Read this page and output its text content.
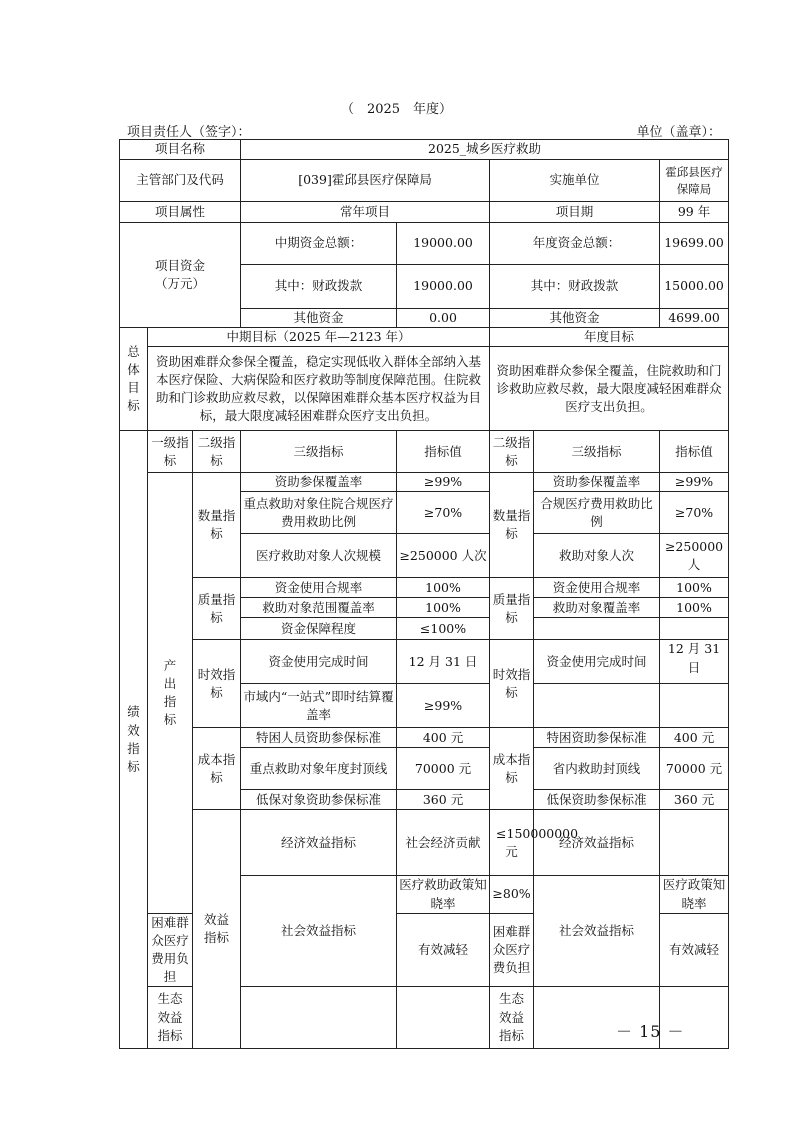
（　2025　年度）
项目责任人（签字）：	单位（盖章）：
项目名称			2025_城乡医疗救助					
主管部门及代码			[039]霍邱县医疗保障局		实施单位		霍邱县医疗保障局	
项目属性			常年项目		项目期		99 年	
项目资金（万元）			中期资金总额：	19000.00	年度资金总额：		19699.00	
			其中：财政拨款	19000.00	其中：财政拨款		15000.00	
			其他资金	0.00	其他资金		4699.00	
总体目标	中期目标（2025 年—2123 年）				年度目标			
	资助困难群众参保全覆盖，稳定实现低收入群体全部纳入基本医疗保险、大病保险和医疗救助等制度保障范围。住院救助和门诊救助应救尽救，以保障困难群众基本医疗权益为目标，最大限度减轻困难群众医疗支出负担。				资助困难群众参保全覆盖，住院救助和门诊救助应救尽救，最大限度减轻困难群众医疗支出负担。			
绩效指标	一级指标	二级指标	三级指标	指标值	二级指标	三级指标	指标值	
	产出指标	数量指标	资助参保覆盖率	≥99%	数量指标	资助参保覆盖率	≥99%	
			重点救助对象住院合规医疗费用救助比例	≥70%		合规医疗费用救助比例	≥70%	
			医疗救助对象人次规模	≥250000 人次		救助对象人次	≥250000 人	
		质量指标	资金使用合规率	100%	质量指标	资金使用合规率	100%	
			救助对象范围覆盖率	100%		救助对象覆盖率	100%	
			资金保障程度	≤100%				
		时效指标	资金使用完成时间	12 月 31 日	时效指标	资金使用完成时间	12 月 31 日	
			市域内“一站式”即时结算覆盖率	≥99%				
		成本指标	特困人员资助参保标准	400 元	成本指标	特困资助参保标准	400 元	
			重点救助对象年度封顶线	70000 元		省内救助封顶线	70000 元	
			低保对象资助参保标准	360 元		低保资助参保标准	360 元	
		效益指标	经济效益指标	社会经济贡献	≤150000000 元	经济效益指标		
			社会效益指标	医疗救助政策知晓率	≥80%	社会效益指标	医疗政策知晓率	
	困难群众医疗费用负担			有效减轻	困难群众医疗费负担		有效减轻	
	生态效益指标				生态效益指标				－ 15 －
